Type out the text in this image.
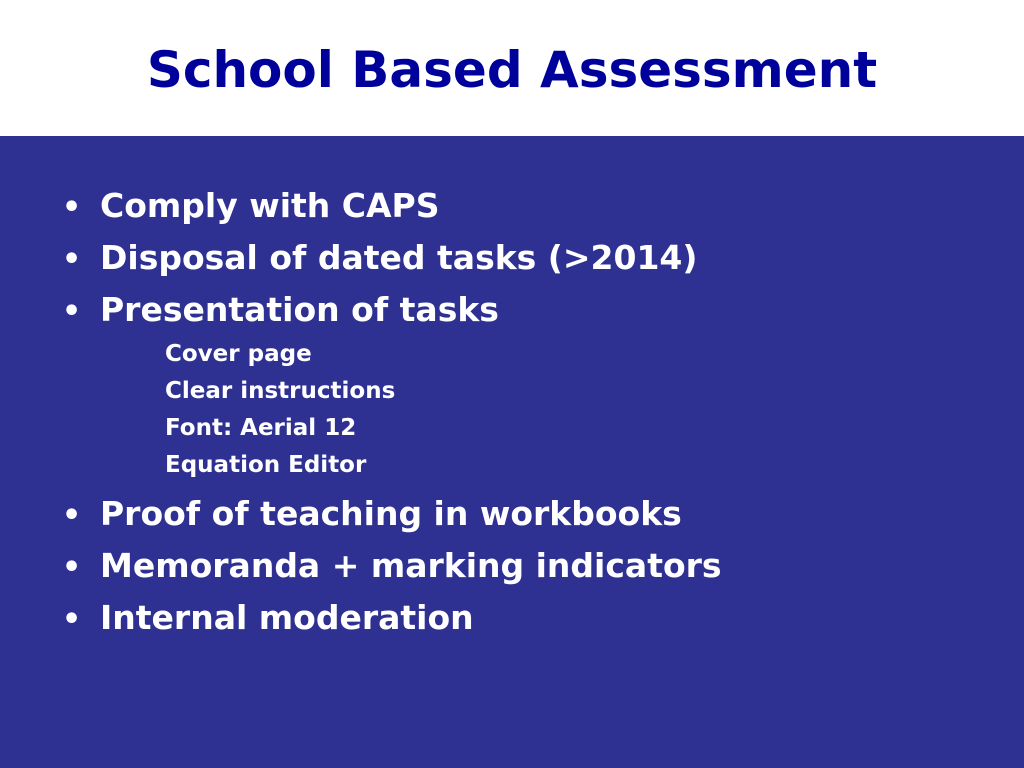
School Based Assessment
• Comply with CAPS
• Disposal of dated tasks (>2014)
• Presentation of tasks
Cover page
Clear instructions
Font: Aerial 12
Equation Editor
• Proof of teaching in workbooks
• Memoranda + marking indicators
• Internal moderation
